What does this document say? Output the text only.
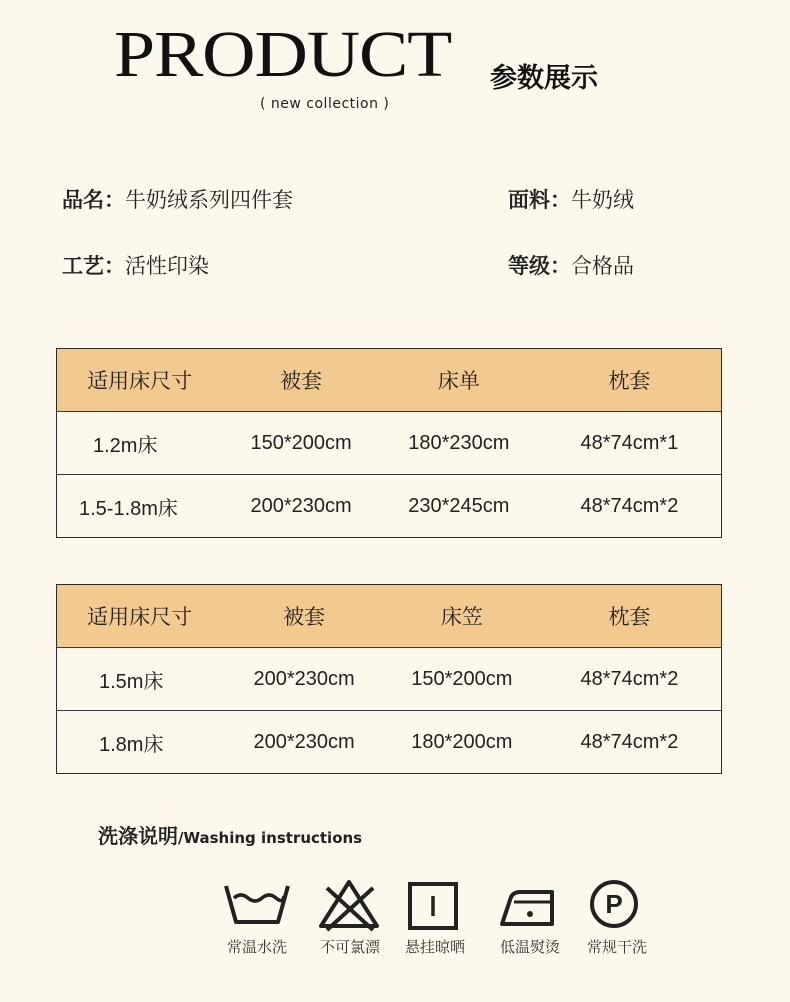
PRODUCT 参数展示
( new collection )
品名：牛奶绒系列四件套	面料：牛奶绒
工艺：活性印染	等级：合格品
适用床尺寸	被套	床单	枕套
1.2m床	150*200cm	180*230cm	48*74cm*1
1.5-1.8m床	200*230cm	230*245cm	48*74cm*2
适用床尺寸	被套	床笠	枕套
1.5m床	200*230cm	150*200cm	48*74cm*2
1.8m床	200*230cm	180*200cm	48*74cm*2
洗涤说明/Washing instructions
常温水洗	不可氯漂	悬挂晾晒	低温熨烫
P
常规干洗
